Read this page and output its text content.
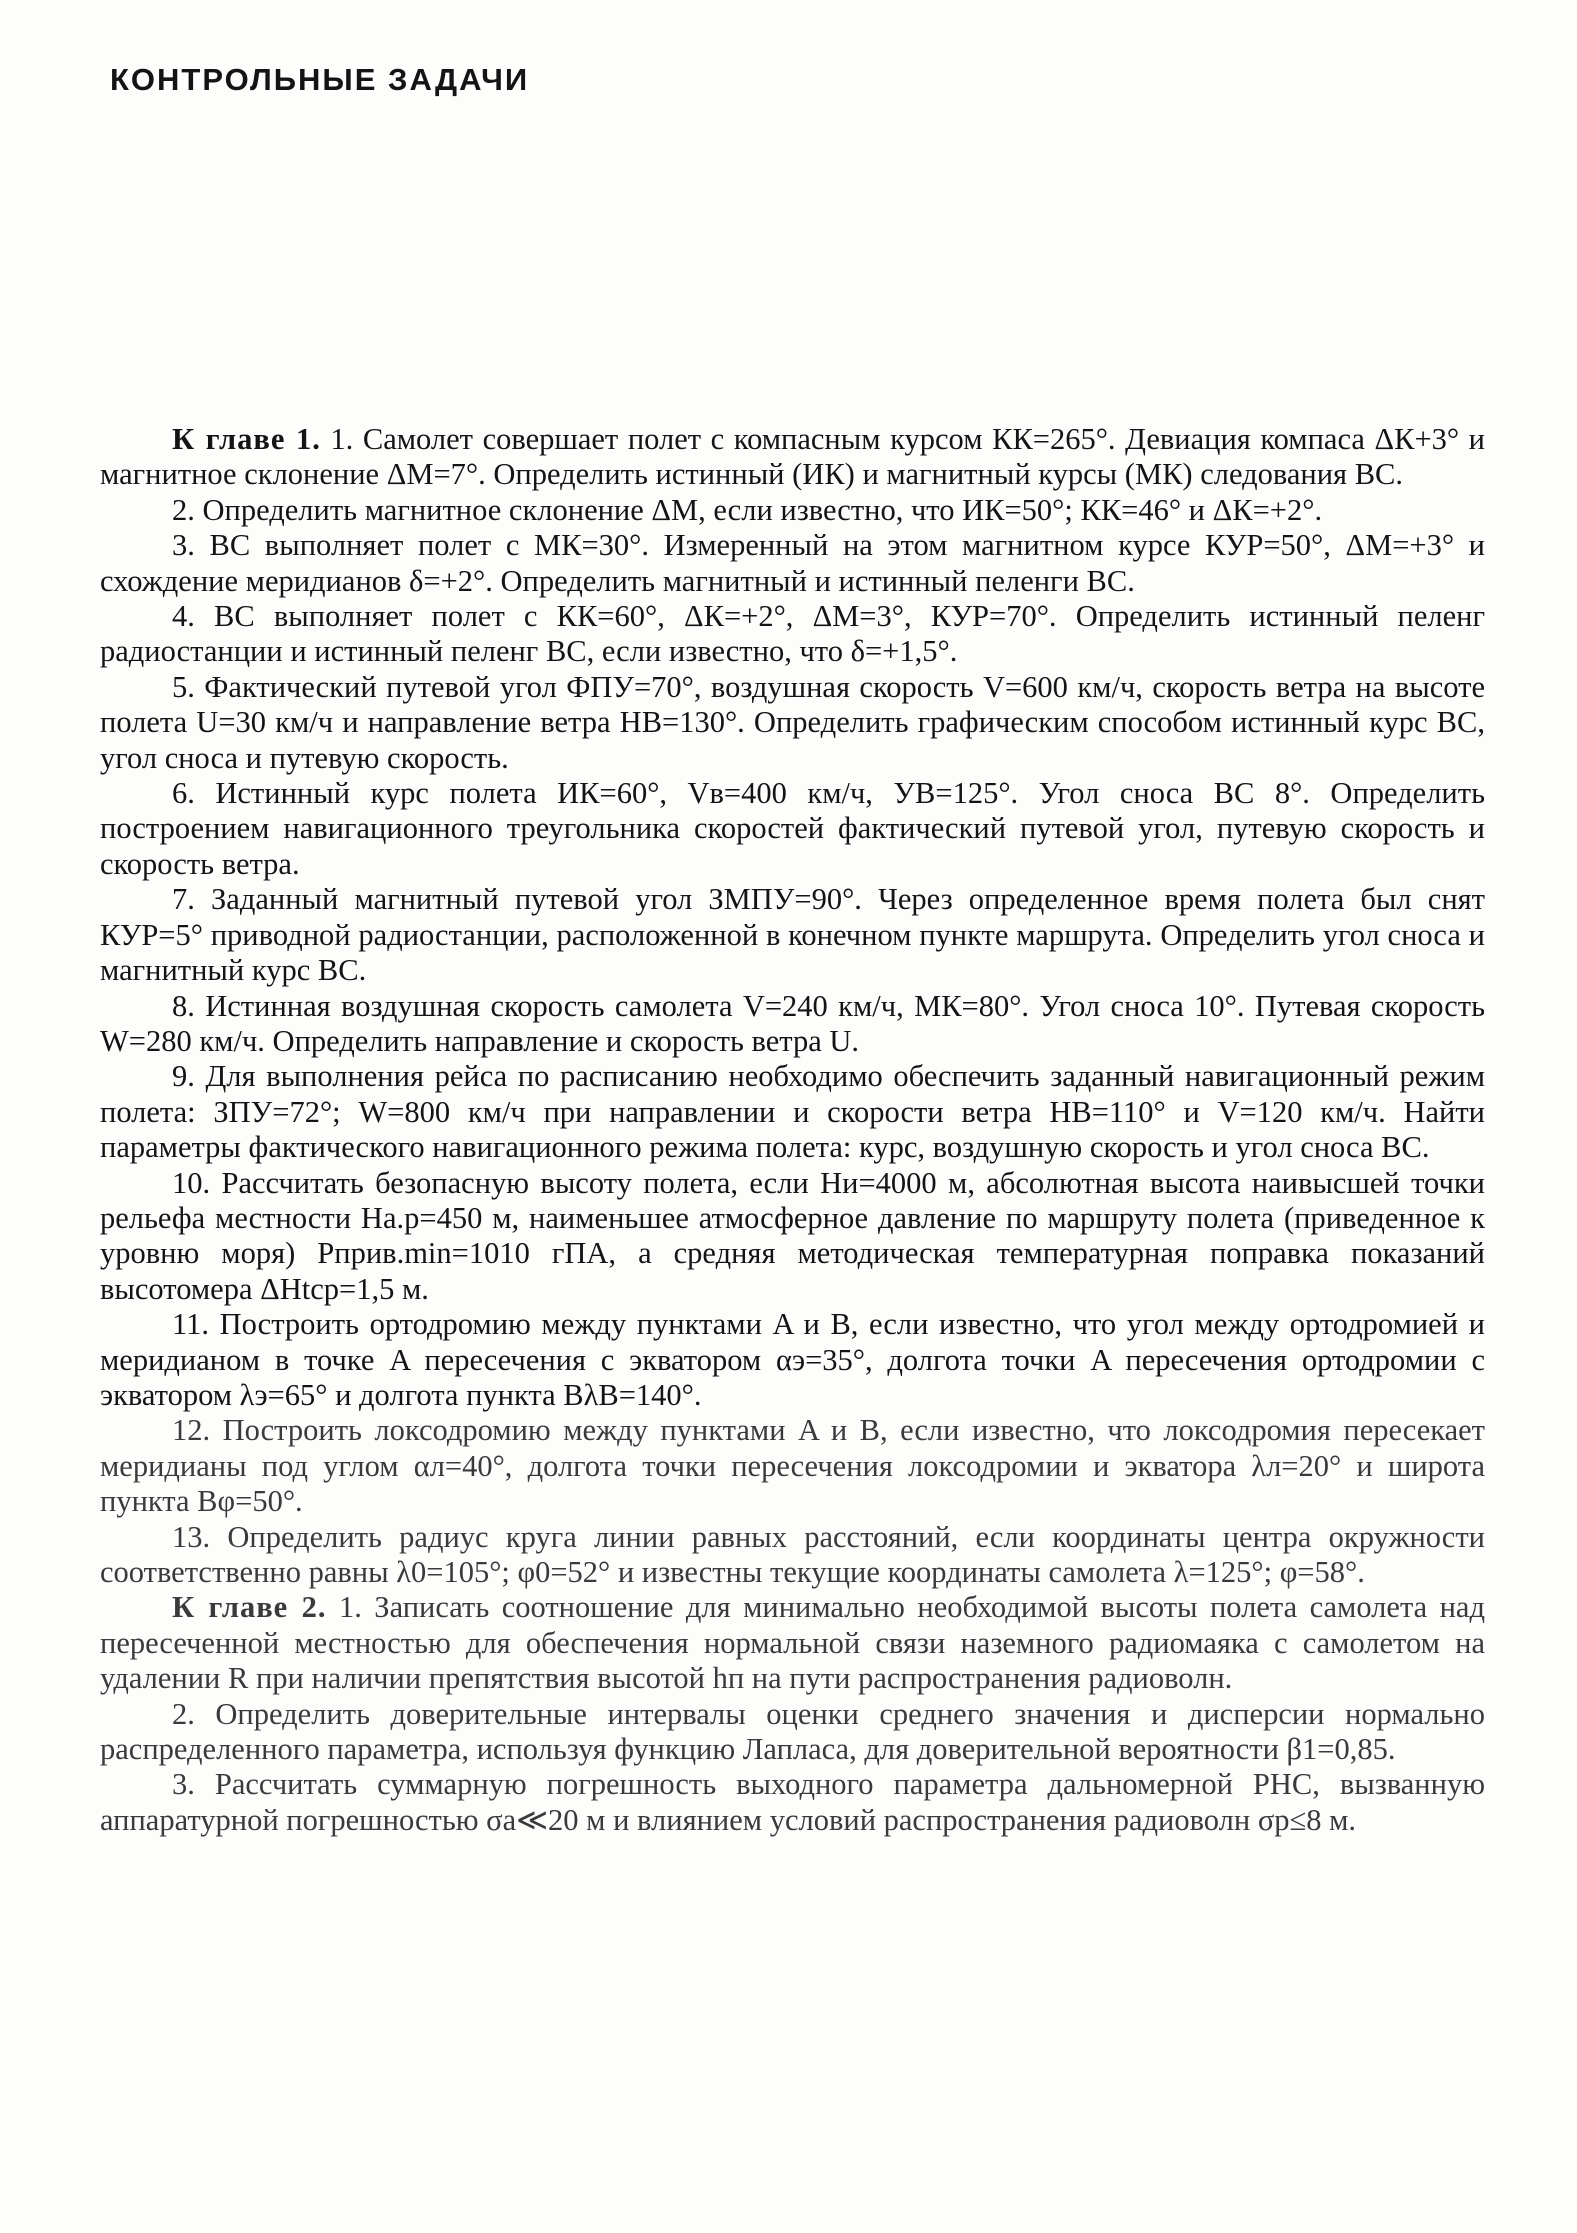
КОНТРОЛЬНЫЕ ЗАДАЧИ

К главе 1. 1. Самолет совершает полет с компасным курсом КК=265°. Девиация компаса ΔК+3° и магнитное склонение ΔМ=7°. Определить истинный (ИК) и магнитный курсы (МК) следования ВС.

2. Определить магнитное склонение ΔМ, если известно, что ИК=50°; КК=46° и ΔК=+2°.

3. ВС выполняет полет с МК=30°. Измеренный на этом магнитном курсе КУР=50°, ΔМ=+3° и схождение меридианов δ=+2°. Определить магнитный и истинный пеленги ВС.

4. ВС выполняет полет с КК=60°, ΔК=+2°, ΔМ=3°, КУР=70°. Определить истинный пеленг радиостанции и истинный пеленг ВС, если известно, что δ=+1,5°.

5. Фактический путевой угол ФПУ=70°, воздушная скорость V=600 км/ч, скорость ветра на высоте полета U=30 км/ч и направление ветра НВ=130°. Определить графическим способом истинный курс ВС, угол сноса и путевую скорость.

6. Истинный курс полета ИК=60°, Vв=400 км/ч, УВ=125°. Угол сноса ВС 8°. Определить построением навигационного треугольника скоростей фактический путевой угол, путевую скорость и скорость ветра.

7. Заданный магнитный путевой угол ЗМПУ=90°. Через определенное время полета был снят КУР=5° приводной радиостанции, расположенной в конечном пункте маршрута. Определить угол сноса и магнитный курс ВС.

8. Истинная воздушная скорость самолета V=240 км/ч, МК=80°. Угол сноса 10°. Путевая скорость W=280 км/ч. Определить направление и скорость ветра U.

9. Для выполнения рейса по расписанию необходимо обеспечить заданный навигационный режим полета: ЗПУ=72°; W=800 км/ч при направлении и скорости ветра НВ=110° и V=120 км/ч. Найти параметры фактического навигационного режима полета: курс, воздушную скорость и угол сноса ВС.

10. Рассчитать безопасную высоту полета, если Hи=4000 м, абсолютная высота наивысшей точки рельефа местности Hа.р=450 м, наименьшее атмосферное давление по маршруту полета (приведенное к уровню моря) Pприв.min=1010 гПА, а средняя методическая температурная поправка показаний высотомера ΔHtср=1,5 м.

11. Построить ортодромию между пунктами A и B, если известно, что угол между ортодромией и меридианом в точке A пересечения с экватором αэ=35°, долгота точки A пересечения ортодромии с экватором λэ=65° и долгота пункта BλB=140°.

12. Построить локсодромию между пунктами A и B, если известно, что локсодромия пересекает меридианы под углом αл=40°, долгота точки пересечения локсодромии и экватора λл=20° и широта пункта Bφ=50°.

13. Определить радиус круга линии равных расстояний, если координаты центра окружности соответственно равны λ0=105°; φ0=52° и известны текущие координаты самолета λ=125°; φ=58°.

К главе 2. 1. Записать соотношение для минимально необходимой высоты полета самолета над пересеченной местностью для обеспечения нормальной связи наземного радиомаяка с самолетом на удалении R при наличии препятствия высотой hп на пути распространения радиоволн.

2. Определить доверительные интервалы оценки среднего значения и дисперсии нормально распределенного параметра, используя функцию Лапласа, для доверительной вероятности β1=0,85.

3. Рассчитать суммарную погрешность выходного параметра дальномерной РНС, вызванную аппаратурной погрешностью σа≪20 м и влиянием условий распространения радиоволн σр≤8 м.
